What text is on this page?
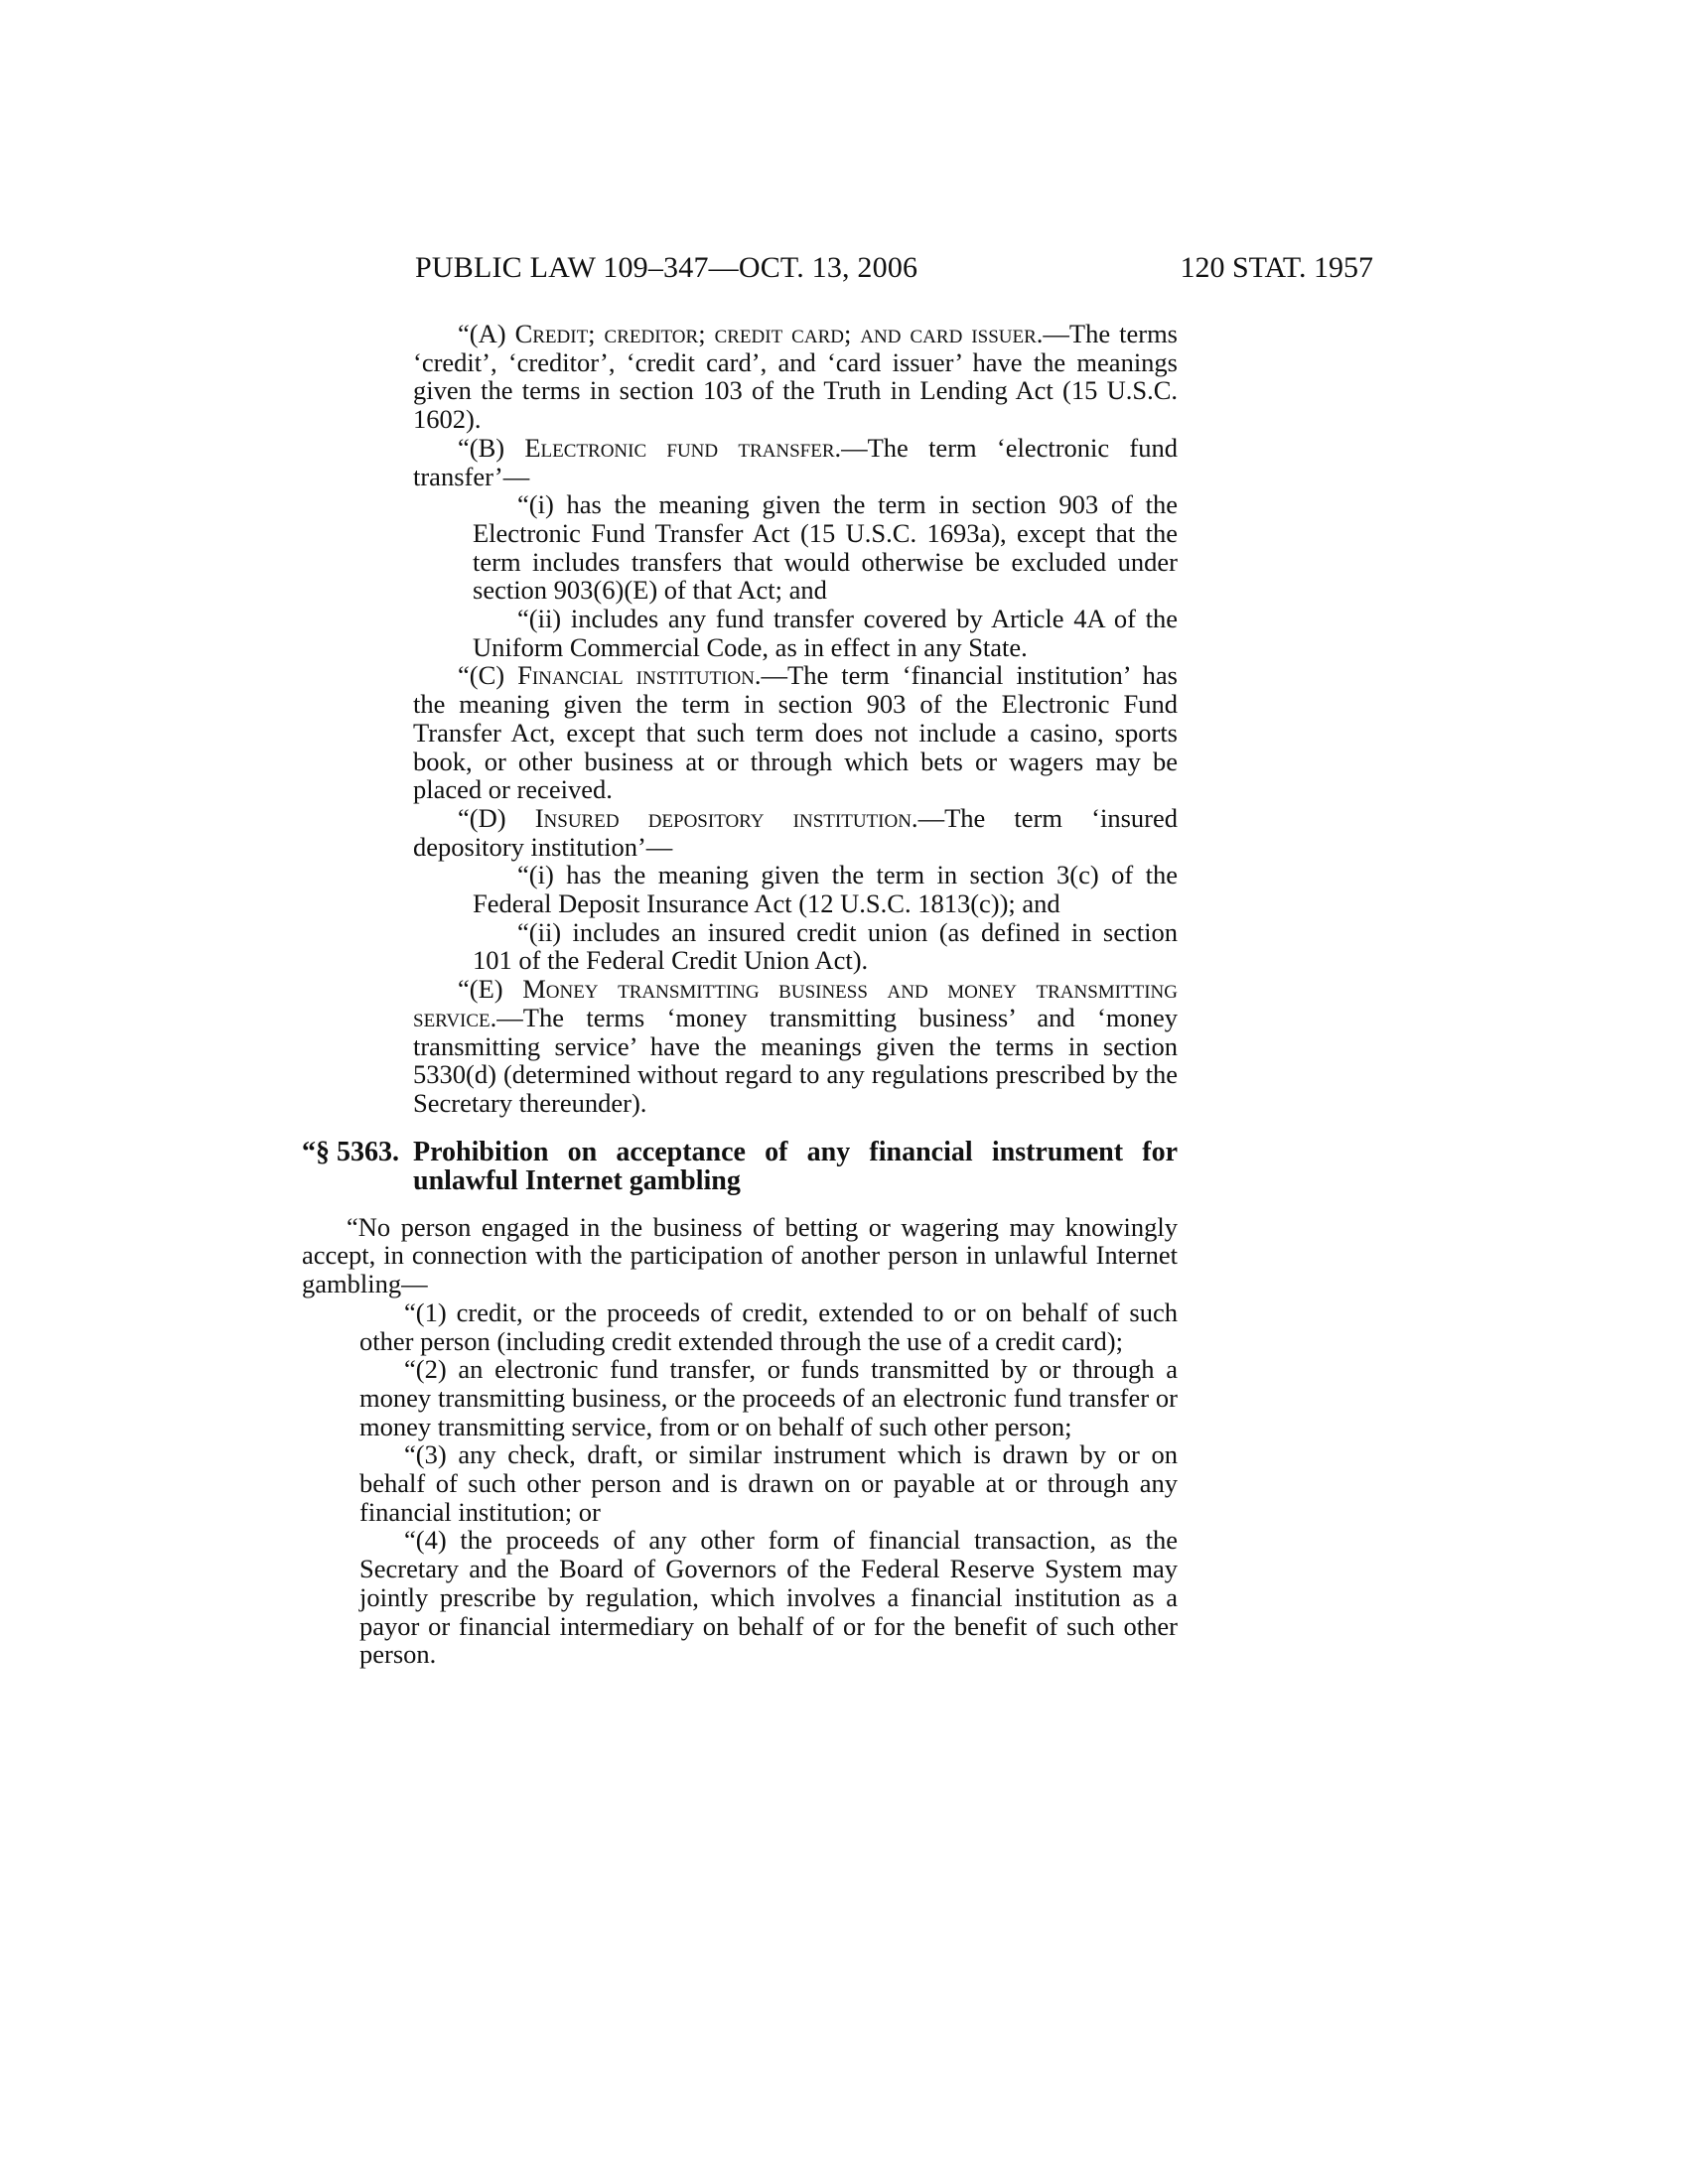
PUBLIC LAW 109–347—OCT. 13, 2006	120 STAT. 1957

“(A) Credit; creditor; credit card; and card issuer.—The terms ‘credit’, ‘creditor’, ‘credit card’, and ‘card issuer’ have the meanings given the terms in section 103 of the Truth in Lending Act (15 U.S.C. 1602).

“(B) Electronic fund transfer.—The term ‘electronic fund transfer’—

“(i) has the meaning given the term in section 903 of the Electronic Fund Transfer Act (15 U.S.C. 1693a), except that the term includes transfers that would otherwise be excluded under section 903(6)(E) of that Act; and

“(ii) includes any fund transfer covered by Article 4A of the Uniform Commercial Code, as in effect in any State.

“(C) Financial institution.—The term ‘financial institution’ has the meaning given the term in section 903 of the Electronic Fund Transfer Act, except that such term does not include a casino, sports book, or other business at or through which bets or wagers may be placed or received.

“(D) Insured depository institution.—The term ‘insured depository institution’—

“(i) has the meaning given the term in section 3(c) of the Federal Deposit Insurance Act (12 U.S.C. 1813(c)); and

“(ii) includes an insured credit union (as defined in section 101 of the Federal Credit Union Act).

“(E) Money transmitting business and money transmitting service.—The terms ‘money transmitting business’ and ‘money transmitting service’ have the meanings given the terms in section 5330(d) (determined without regard to any regulations prescribed by the Secretary thereunder).

“§ 5363. Prohibition on acceptance of any financial instrument for unlawful Internet gambling

“No person engaged in the business of betting or wagering may knowingly accept, in connection with the participation of another person in unlawful Internet gambling—

“(1) credit, or the proceeds of credit, extended to or on behalf of such other person (including credit extended through the use of a credit card);

“(2) an electronic fund transfer, or funds transmitted by or through a money transmitting business, or the proceeds of an electronic fund transfer or money transmitting service, from or on behalf of such other person;

“(3) any check, draft, or similar instrument which is drawn by or on behalf of such other person and is drawn on or payable at or through any financial institution; or

“(4) the proceeds of any other form of financial transaction, as the Secretary and the Board of Governors of the Federal Reserve System may jointly prescribe by regulation, which involves a financial institution as a payor or financial intermediary on behalf of or for the benefit of such other person.
